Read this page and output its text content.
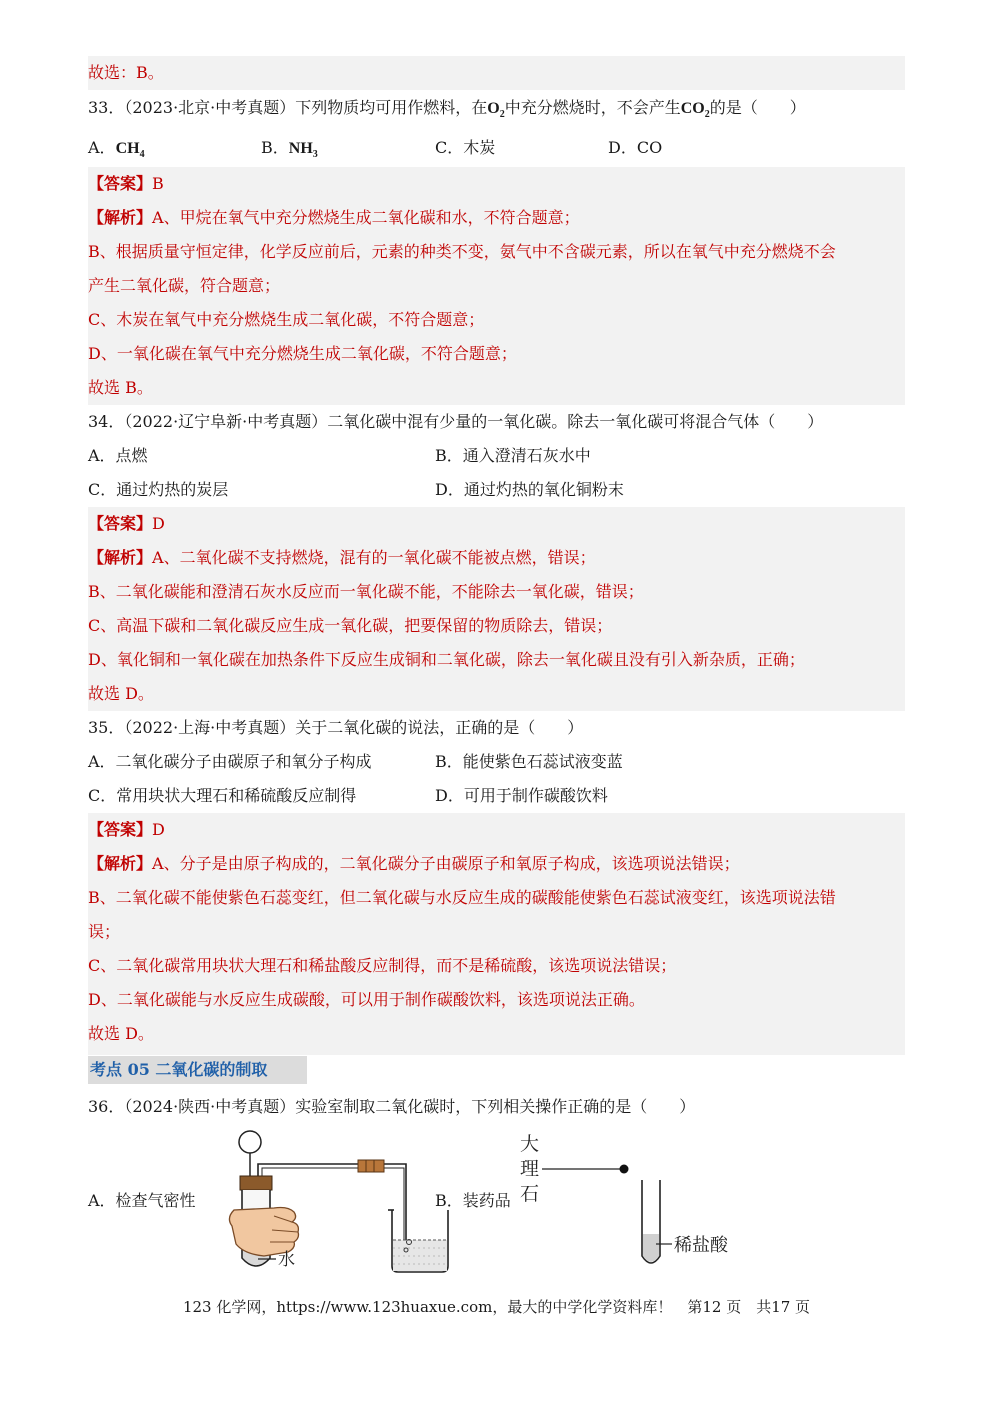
故选：B。
33．（2023·北京·中考真题）下列物质均可用作燃料，在$O_2$中充分燃烧时，不会产生$CO_2$的是（　　）
A．$CH_4$	B．$NH_3$	C．木炭	D．CO
【答案】B
【解析】A、甲烷在氧气中充分燃烧生成二氧化碳和水，不符合题意；
B、根据质量守恒定律，化学反应前后，元素的种类不变，氨气中不含碳元素，所以在氧气中充分燃烧不会
产生二氧化碳，符合题意；
C、木炭在氧气中充分燃烧生成二氧化碳，不符合题意；
D、一氧化碳在氧气中充分燃烧生成二氧化碳，不符合题意；
故选 B。
34．（2022·辽宁阜新·中考真题）二氧化碳中混有少量的一氧化碳。除去一氧化碳可将混合气体（　　）
A．点燃	B．通入澄清石灰水中
C．通过灼热的炭层	D．通过灼热的氧化铜粉末
【答案】D
【解析】A、二氧化碳不支持燃烧，混有的一氧化碳不能被点燃，错误；
B、二氧化碳能和澄清石灰水反应而一氧化碳不能，不能除去一氧化碳，错误；
C、高温下碳和二氧化碳反应生成一氧化碳，把要保留的物质除去，错误；
D、氧化铜和一氧化碳在加热条件下反应生成铜和二氧化碳，除去一氧化碳且没有引入新杂质，正确；
故选 D。
35．（2022·上海·中考真题）关于二氧化碳的说法，正确的是（　　）
A．二氧化碳分子由碳原子和氧分子构成	B．能使紫色石蕊试液变蓝
C．常用块状大理石和稀硫酸反应制得	D．可用于制作碳酸饮料
【答案】D
【解析】A、分子是由原子构成的，二氧化碳分子由碳原子和氧原子构成，该选项说法错误；
B、二氧化碳不能使紫色石蕊变红，但二氧化碳与水反应生成的碳酸能使紫色石蕊试液变红，该选项说法错
误；
C、二氧化碳常用块状大理石和稀盐酸反应制得，而不是稀硫酸，该选项说法错误；
D、二氧化碳能与水反应生成碳酸，可以用于制作碳酸饮料，该选项说法正确。
故选 D。
考点 05 二氧化碳的制取
36．（2024·陕西·中考真题）实验室制取二氧化碳时，下列相关操作正确的是（　　）
A．检查气密性	B．装药品
水
大
理
石
稀盐酸
123 化学网，https://www.123huaxue.com，最大的中学化学资料库！　第12 页　共17 页
